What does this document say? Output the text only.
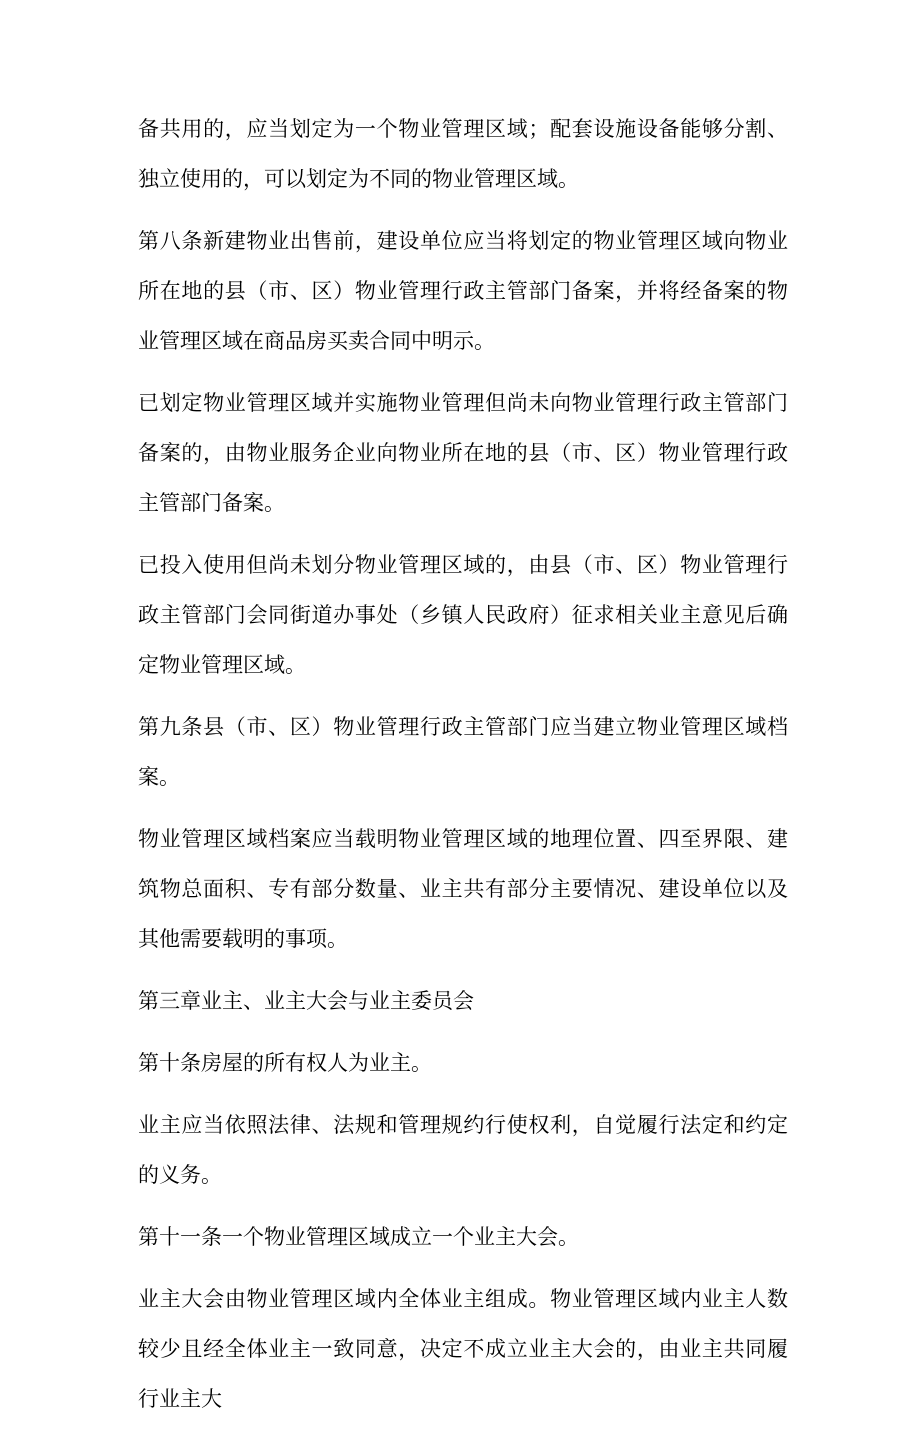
备共用的，应当划定为一个物业管理区域；配套设施设备能够分割、独立使用的，可以划定为不同的物业管理区域。

第八条新建物业出售前，建设单位应当将划定的物业管理区域向物业所在地的县（市、区）物业管理行政主管部门备案，并将经备案的物业管理区域在商品房买卖合同中明示。

已划定物业管理区域并实施物业管理但尚未向物业管理行政主管部门备案的，由物业服务企业向物业所在地的县（市、区）物业管理行政主管部门备案。

已投入使用但尚未划分物业管理区域的，由县（市、区）物业管理行政主管部门会同街道办事处（乡镇人民政府）征求相关业主意见后确定物业管理区域。

第九条县（市、区）物业管理行政主管部门应当建立物业管理区域档案。

物业管理区域档案应当载明物业管理区域的地理位置、四至界限、建筑物总面积、专有部分数量、业主共有部分主要情况、建设单位以及其他需要载明的事项。

第三章业主、业主大会与业主委员会

第十条房屋的所有权人为业主。

业主应当依照法律、法规和管理规约行使权利，自觉履行法定和约定的义务。

第十一条一个物业管理区域成立一个业主大会。

业主大会由物业管理区域内全体业主组成。物业管理区域内业主人数较少且经全体业主一致同意，决定不成立业主大会的，由业主共同履行业主大
